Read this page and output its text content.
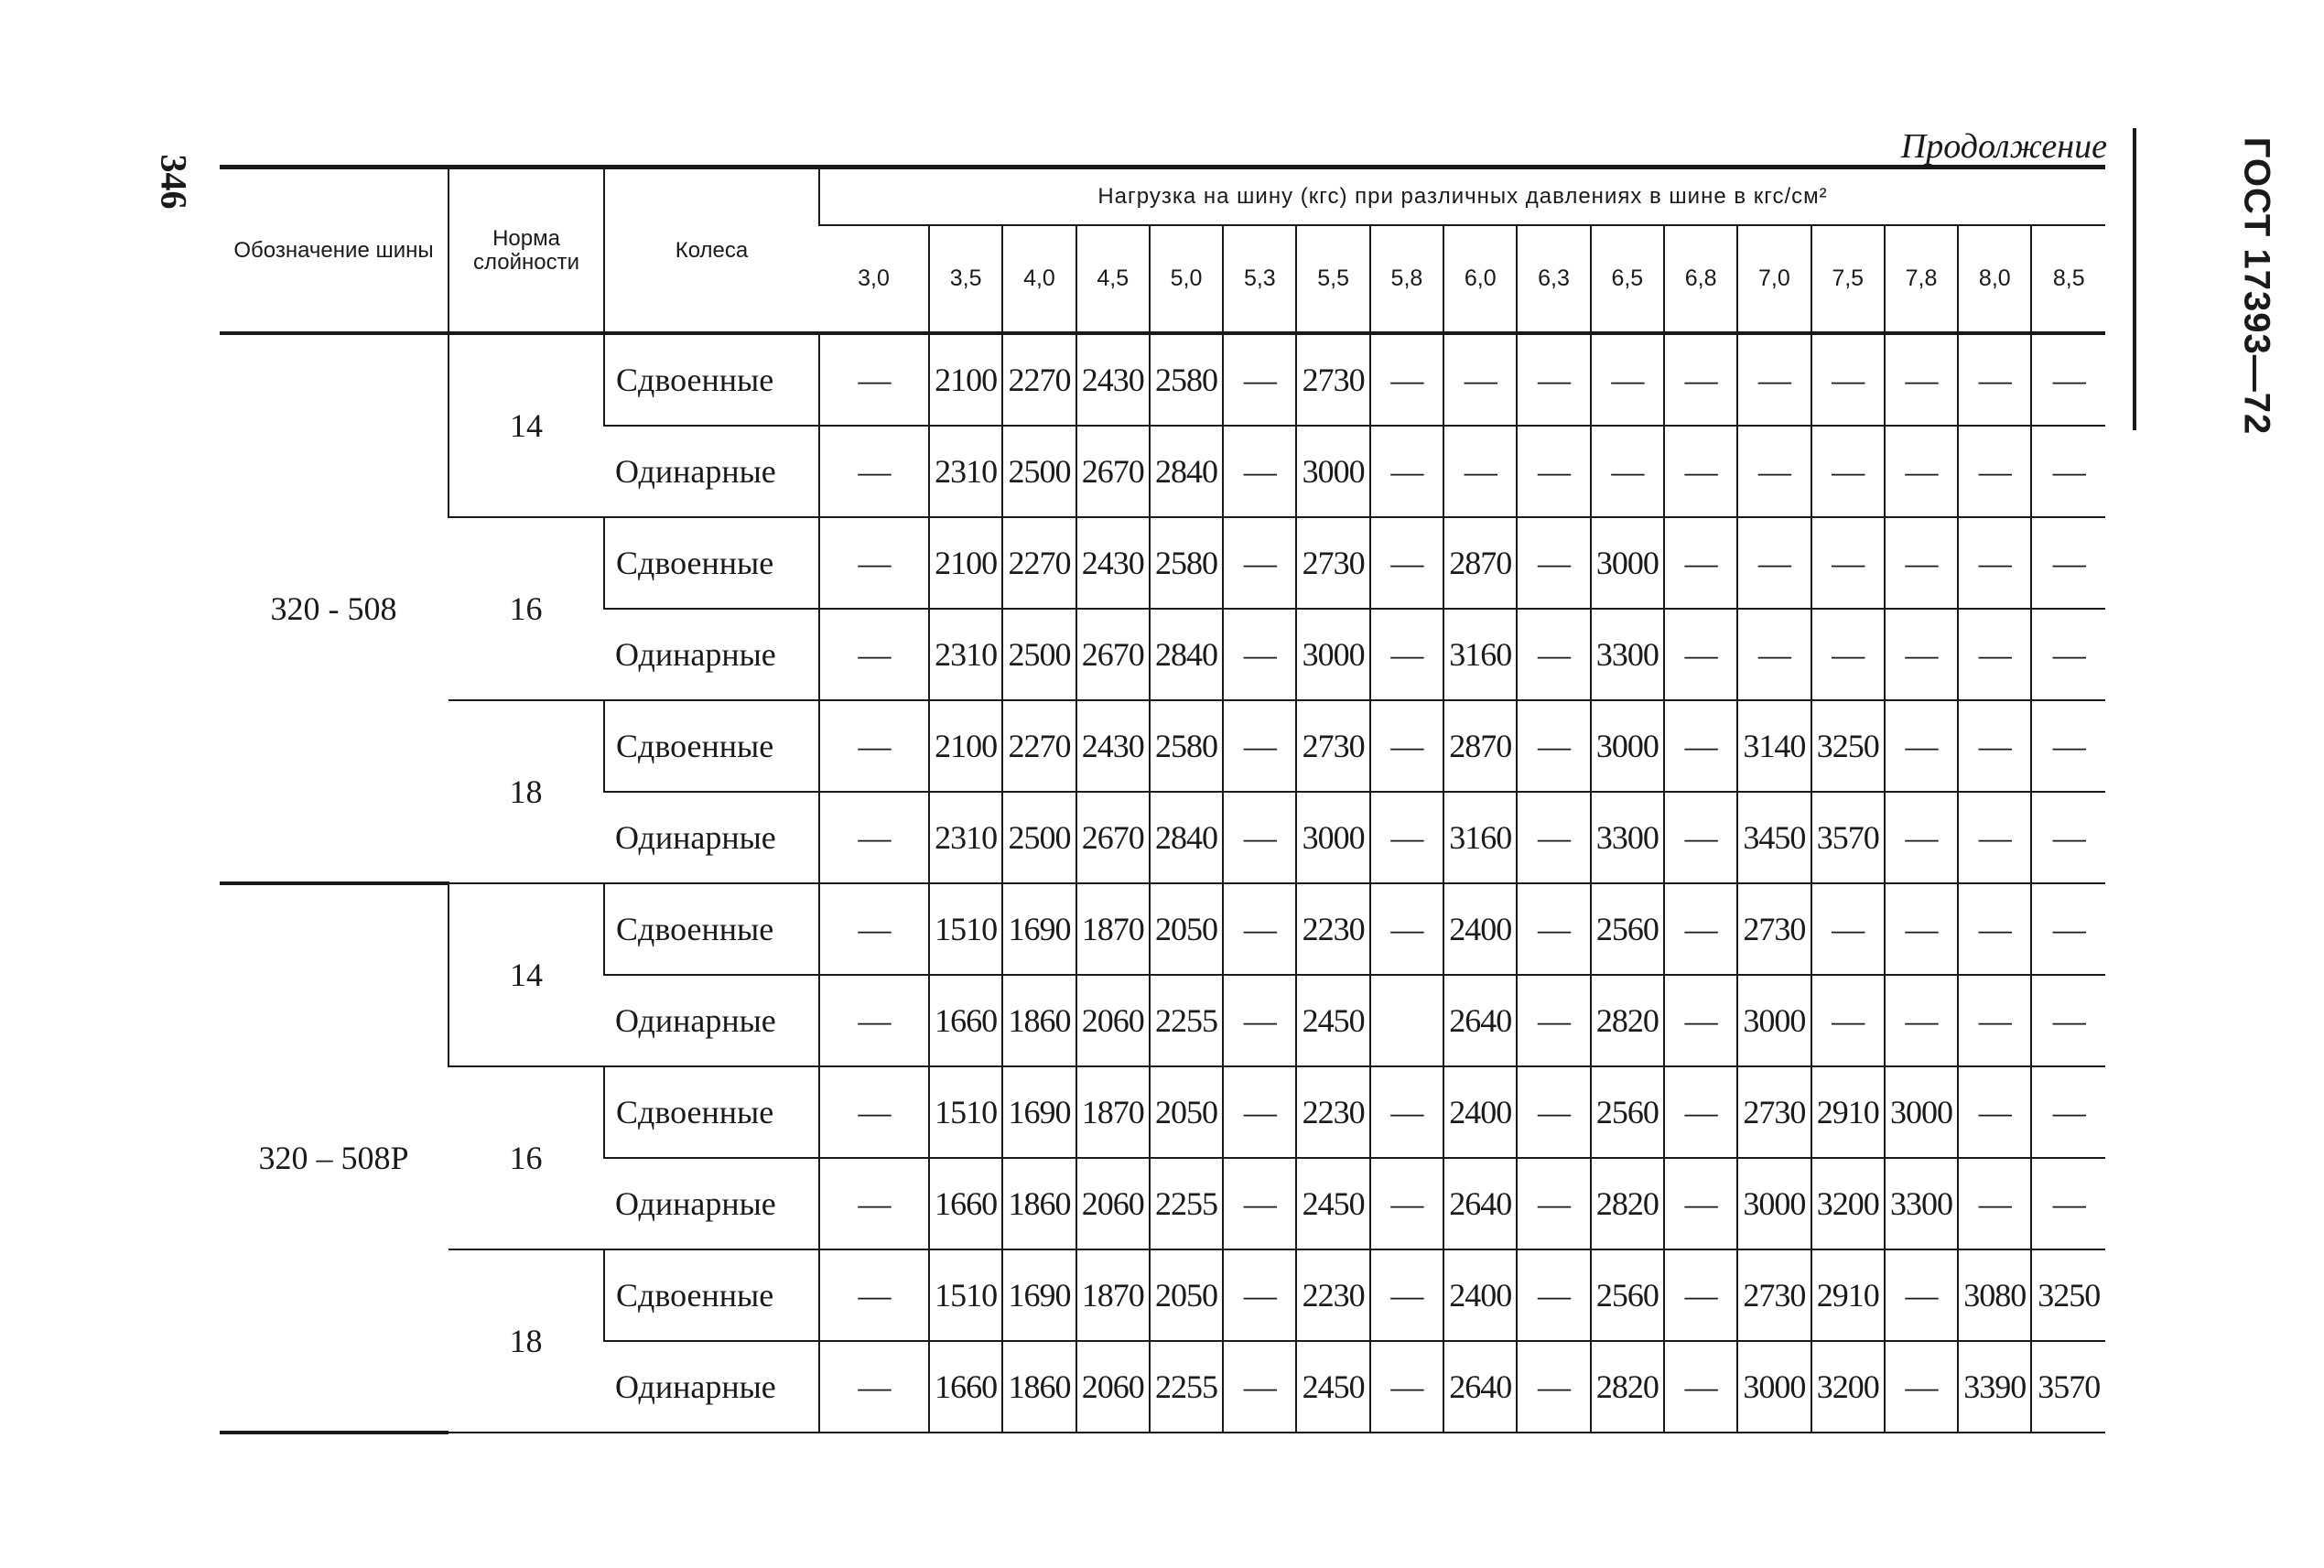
346	ГОСТ 17393—72
Продолжение
Обозначение шины	Норма слойности	Колеса	Нагрузка на шину (кгс) при различных давлениях в шине в кгс/см²																
			3,0	3,5	4,0	4,5	5,0	5,3	5,5	5,8	6,0	6,3	6,5	6,8	7,0	7,5	7,8	8,0	8,5
320 - 508	14	Сдвоенные	—	2100	2270	2430	2580	—	2730	—	—	—	—	—	—	—	—	—	—
		Одинарные	—	2310	2500	2670	2840	—	3000	—	—	—	—	—	—	—	—	—	—
	16	Сдвоенные	—	2100	2270	2430	2580	—	2730	—	2870	—	3000	—	—	—	—	—	—
		Одинарные	—	2310	2500	2670	2840	—	3000	—	3160	—	3300	—	—	—	—	—	—
	18	Сдвоенные	—	2100	2270	2430	2580	—	2730	—	2870	—	3000	—	3140	3250	—	—	—
		Одинарные	—	2310	2500	2670	2840	—	3000	—	3160	—	3300	—	3450	3570	—	—	—
320 – 508Р	14	Сдвоенные	—	1510	1690	1870	2050	—	2230	—	2400	—	2560	—	2730	—	—	—	—
		Одинарные	—	1660	1860	2060	2255	—	2450		2640	—	2820	—	3000	—	—	—	—
	16	Сдвоенные	—	1510	1690	1870	2050	—	2230	—	2400	—	2560	—	2730	2910	3000	—	—
		Одинарные	—	1660	1860	2060	2255	—	2450	—	2640	—	2820	—	3000	3200	3300	—	—
	18	Сдвоенные	—	1510	1690	1870	2050	—	2230	—	2400	—	2560	—	2730	2910	—	3080	3250
		Одинарные	—	1660	1860	2060	2255	—	2450	—	2640	—	2820	—	3000	3200	—	3390	3570
